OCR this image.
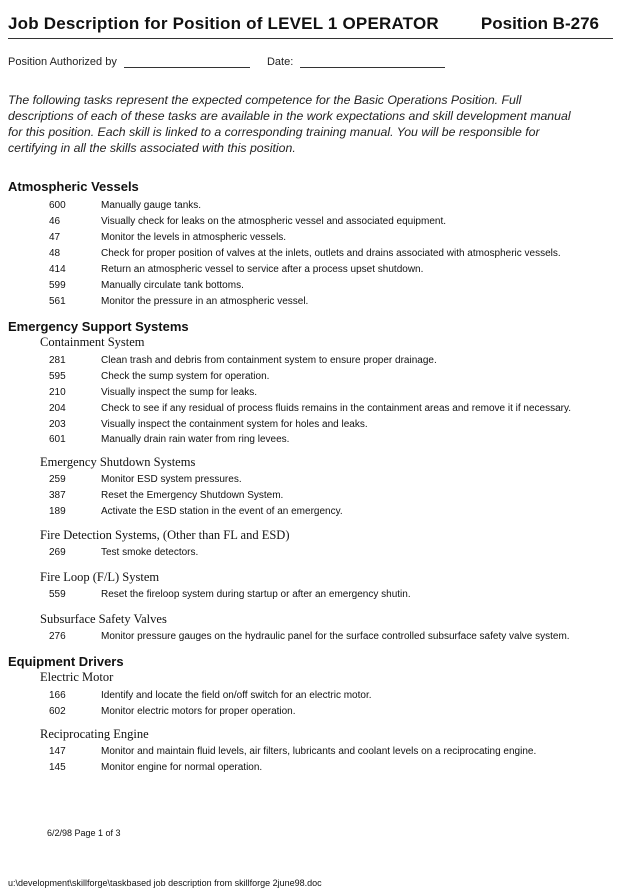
Job Description for Position of LEVEL 1 OPERATOR Position B-276
Position Authorized by	Date:
The following tasks represent the expected competence for the Basic Operations Position. Full descriptions of each of these tasks are available in the work expectations and skill development manual for this position. Each skill is linked to a corresponding training manual. You will be responsible for certifying in all the skills associated with this position.
Atmospheric Vessels
600	Manually gauge tanks.
46	Visually check for leaks on the atmospheric vessel and associated equipment.
47	Monitor the levels in atmospheric vessels.
48	Check for proper position of valves at the inlets, outlets and drains associated with atmospheric vessels.
414	Return an atmospheric vessel to service after a process upset shutdown.
599	Manually circulate tank bottoms.
561	Monitor the pressure in an atmospheric vessel.
Emergency Support Systems
Containment System
281	Clean trash and debris from containment system to ensure proper drainage.
595	Check the sump system for operation.
210	Visually inspect the sump for leaks.
204	Check to see if any residual of process fluids remains in the containment areas and remove it if necessary.
203	Visually inspect the containment system for holes and leaks.
601	Manually drain rain water from ring levees.
Emergency Shutdown Systems
259	Monitor ESD system pressures.
387	Reset the Emergency Shutdown System.
189	Activate the ESD station in the event of an emergency.
Fire Detection Systems, (Other than FL and ESD)
269	Test smoke detectors.
Fire Loop (F/L) System
559	Reset the fireloop system during startup or after an emergency shutin.
Subsurface Safety Valves
276	Monitor pressure gauges on the hydraulic panel for the surface controlled subsurface safety valve system.
Equipment Drivers
Electric Motor
166	Identify and locate the field on/off switch for an electric motor.
602	Monitor electric motors for proper operation.
Reciprocating Engine
147	Monitor and maintain fluid levels, air filters, lubricants and coolant levels on a reciprocating engine.
145	Monitor engine for normal operation.
6/2/98 Page 1 of 3
u:\development\skillforge\taskbased job description from skillforge 2june98.doc
